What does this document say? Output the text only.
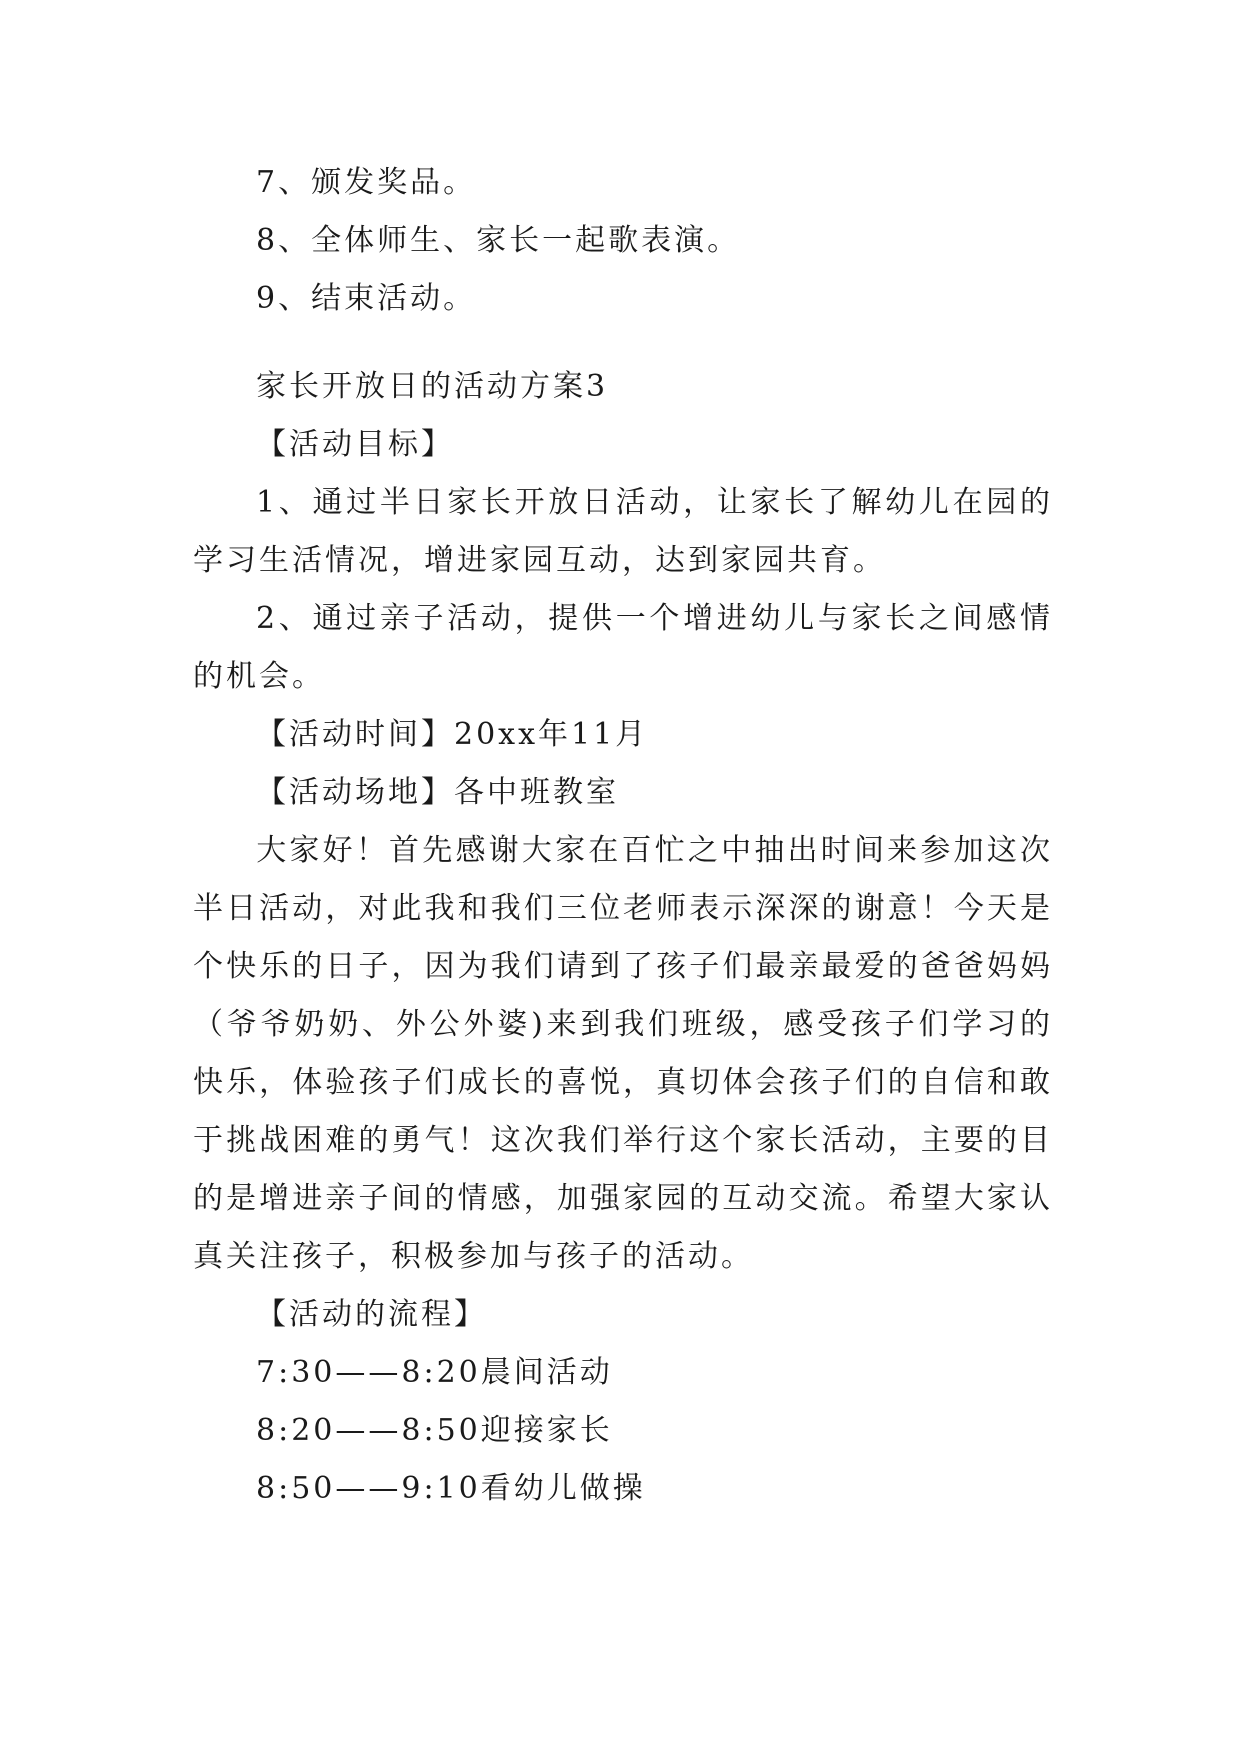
7、颁发奖品。
8、全体师生、家长一起歌表演。
9、结束活动。
家长开放日的活动方案3
【活动目标】
1、通过半日家长开放日活动，让家长了解幼儿在园的学习生活情况，增进家园互动，达到家园共育。
2、通过亲子活动，提供一个增进幼儿与家长之间感情的机会。
【活动时间】20xx年11月
【活动场地】各中班教室
大家好！首先感谢大家在百忙之中抽出时间来参加这次半日活动，对此我和我们三位老师表示深深的谢意！今天是个快乐的日子，因为我们请到了孩子们最亲最爱的爸爸妈妈（爷爷奶奶、外公外婆)来到我们班级，感受孩子们学习的快乐，体验孩子们成长的喜悦，真切体会孩子们的自信和敢于挑战困难的勇气！这次我们举行这个家长活动，主要的目的是增进亲子间的情感，加强家园的互动交流。希望大家认真关注孩子，积极参加与孩子的活动。
【活动的流程】
7:30——8:20晨间活动
8:20——8:50迎接家长
8:50——9:10看幼儿做操
